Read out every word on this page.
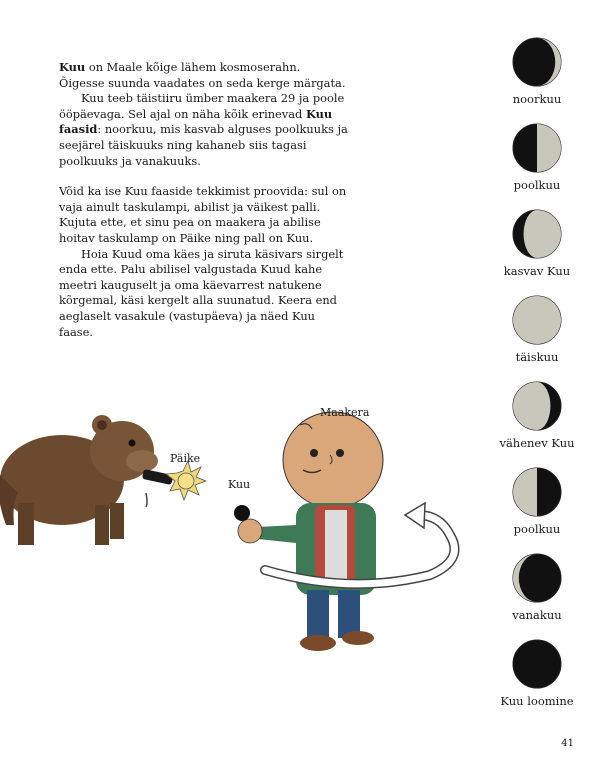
Kuu on Maale kõige lähem kosmoserahn. Õigesse suunda vaadates on seda kerge märgata.

Kuu teeb täistiiru ümber maakera 29 ja poole ööpäevaga. Sel ajal on näha kõik erinevad Kuu faasid: noorkuu, mis kasvab alguses poolkuuks ja seejärel täiskuuks ning kahaneb siis tagasi poolkuuks ja vanakuuks.

Võid ka ise Kuu faaside tekkimist proovida: sul on vaja ainult taskulampi, abilist ja väikest palli. Kujuta ette, et sinu pea on maakera ja abilise hoitav taskulamp on Päike ning pall on Kuu.

Hoia Kuud oma käes ja siruta käsivars sirgelt enda ette. Palu abilisel valgustada Kuud kahe meetri kauguselt ja oma käevarrest natukene kõrgemal, käsi kergelt alla suunatud. Keera end aeglaselt vasakule (vastupäeva) ja näed Kuu faase.

noorkuu
poolkuu
kasvav Kuu
täiskuu
vähenev Kuu
poolkuu
vanakuu
Kuu loomine
Maakera
Päike
Kuu
41
